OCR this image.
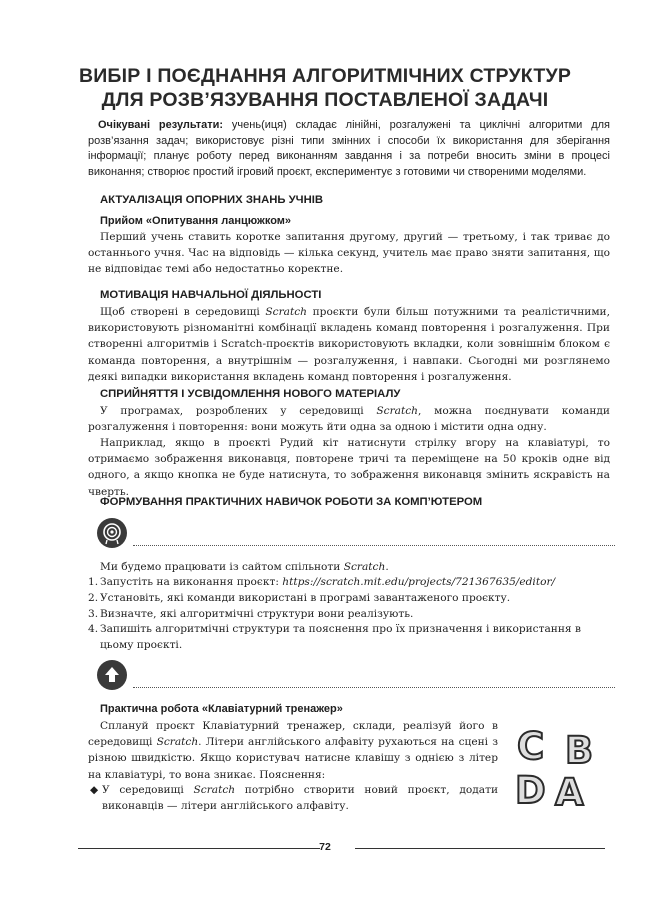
ВИБІР І ПОЄДНАННЯ АЛГОРИТМІЧНИХ СТРУКТУР
ДЛЯ РОЗВ’ЯЗУВАННЯ ПОСТАВЛЕНОЇ ЗАДАЧІ
Очікувані результати: учень(иця) складає лінійні, розгалужені та циклічні алгоритми для розв’язання задач; використовує різні типи змінних і способи їх використання для зберігання інформації; планує роботу перед виконанням завдання і за потреби вносить зміни в процесі виконання; створює простий ігровий проєкт, експериментує з готовими чи створеними моделями.
АКТУАЛІЗАЦІЯ ОПОРНИХ ЗНАНЬ УЧНІВ
Прийом «Опитування ланцюжком»
Перший учень ставить коротке запитання другому, другий — третьому, і так триває до останнього учня. Час на відповідь — кілька секунд, учитель має право зняти запитання, що не відповідає темі або недостатньо коректне.
МОТИВАЦІЯ НАВЧАЛЬНОЇ ДІЯЛЬНОСТІ
Щоб створені в середовищі Scratch проєкти були більш потужними та реалістичними, використовують різноманітні комбінації вкладень команд повторення і розгалуження. При створенні алгоритмів і Scratch-проєктів використовують вкладки, коли зовнішнім блоком є команда повторення, а внутрішнім — розгалуження, і навпаки. Сьогодні ми розглянемо деякі випадки використання вкладень команд повторення і розгалуження.
СПРИЙНЯТТЯ І УСВІДОМЛЕННЯ НОВОГО МАТЕРІАЛУ
У програмах, розроблених у середовищі Scratch, можна поєднувати команди розгалуження і повторення: вони можуть йти одна за одною і містити одна одну.
Наприклад, якщо в проєкті Рудий кіт натиснути стрілку вгору на клавіатурі, то отримаємо зображення виконавця, повторене тричі та переміщене на 50 кроків одне від одного, а якщо кнопка не буде натиснута, то зображення виконавця змінить яскравість на чверть.
ФОРМУВАННЯ ПРАКТИЧНИХ НАВИЧОК РОБОТИ ЗА КОМП’ЮТЕРОМ
Ми будемо працювати із сайтом спільноти Scratch.
1. Запустіть на виконання проєкт: https://scratch.mit.edu/projects/721367635/editor/
2. Установіть, які команди використані в програмі завантаженого проєкту.
3. Визначте, які алгоритмічні структури вони реалізують.
4. Запишіть алгоритмічні структури та пояснення про їх призначення і використання в цьому проєкті.
Практична робота «Клавіатурний тренажер»
Сплануй проєкт Клавіатурний тренажер, склади, реалізуй його в середовищі Scratch. Літери англійського алфавіту рухаються на сцені з різною швидкістю. Якщо користувач натисне клавішу з однією з літер на клавіатурі, то вона зникає. Пояснення:
◆ У середовищі Scratch потрібно створити новий проєкт, додати виконавців — літери англійського алфавіту.
C B
D A
72
